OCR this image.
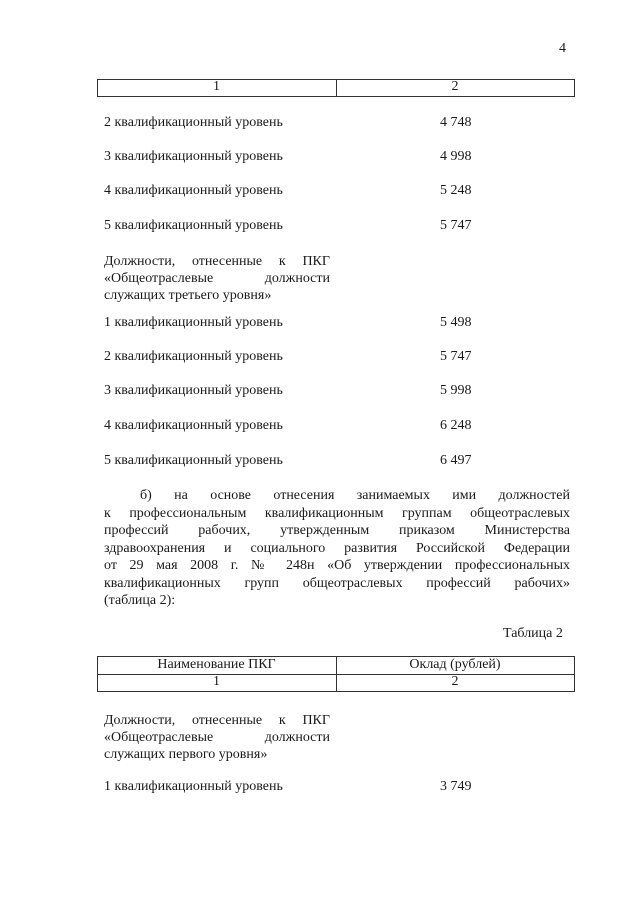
4
1	2
2 квалификационный уровень	4 748
3 квалификационный уровень	4 998
4 квалификационный уровень	5 248
5 квалификационный уровень	5 747
Должности, отнесенные к ПКГ
«Общеотраслевые должности
служащих третьего уровня»
1 квалификационный уровень	5 498
2 квалификационный уровень	5 747
3 квалификационный уровень	5 998
4 квалификационный уровень	6 248
5 квалификационный уровень	6 497
б) на основе отнесения занимаемых ими должностей
к профессиональным квалификационным группам общеотраслевых
профессий рабочих, утвержденным приказом Министерства
здравоохранения и социального развития Российской Федерации
от 29 мая 2008 г. № 248н «Об утверждении профессиональных
квалификационных групп общеотраслевых профессий рабочих»
(таблица 2):
Таблица 2
Наименование ПКГ	Оклад (рублей)
1	2
Должности, отнесенные к ПКГ
«Общеотраслевые должности
служащих первого уровня»
1 квалификационный уровень	3 749
